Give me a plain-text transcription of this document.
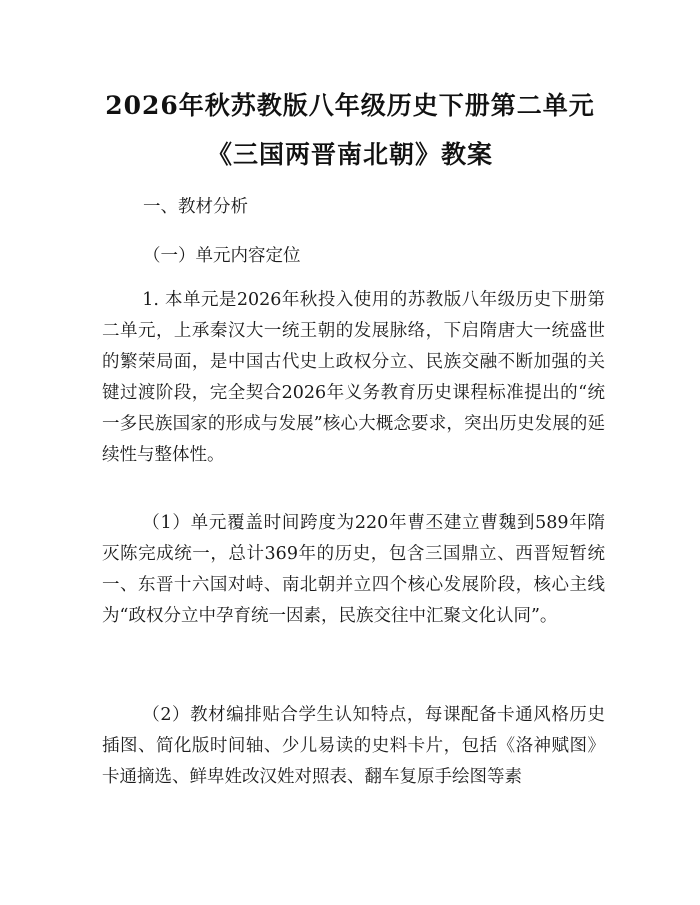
2026年秋苏教版八年级历史下册第二单元
《三国两晋南北朝》教案

一、教材分析

（一）单元内容定位

1. 本单元是2026年秋投入使用的苏教版八年级历史下册第二单元，上承秦汉大一统王朝的发展脉络，下启隋唐大一统盛世的繁荣局面，是中国古代史上政权分立、民族交融不断加强的关键过渡阶段，完全契合2026年义务教育历史课程标准提出的“统一多民族国家的形成与发展”核心大概念要求，突出历史发展的延续性与整体性。

（1）单元覆盖时间跨度为220年曹丕建立曹魏到589年隋灭陈完成统一，总计369年的历史，包含三国鼎立、西晋短暂统一、东晋十六国对峙、南北朝并立四个核心发展阶段，核心主线为“政权分立中孕育统一因素，民族交往中汇聚文化认同”。

（2）教材编排贴合学生认知特点，每课配备卡通风格历史插图、简化版时间轴、少儿易读的史料卡片，包括《洛神赋图》卡通摘选、鲜卑姓改汉姓对照表、翻车复原手绘图等素
